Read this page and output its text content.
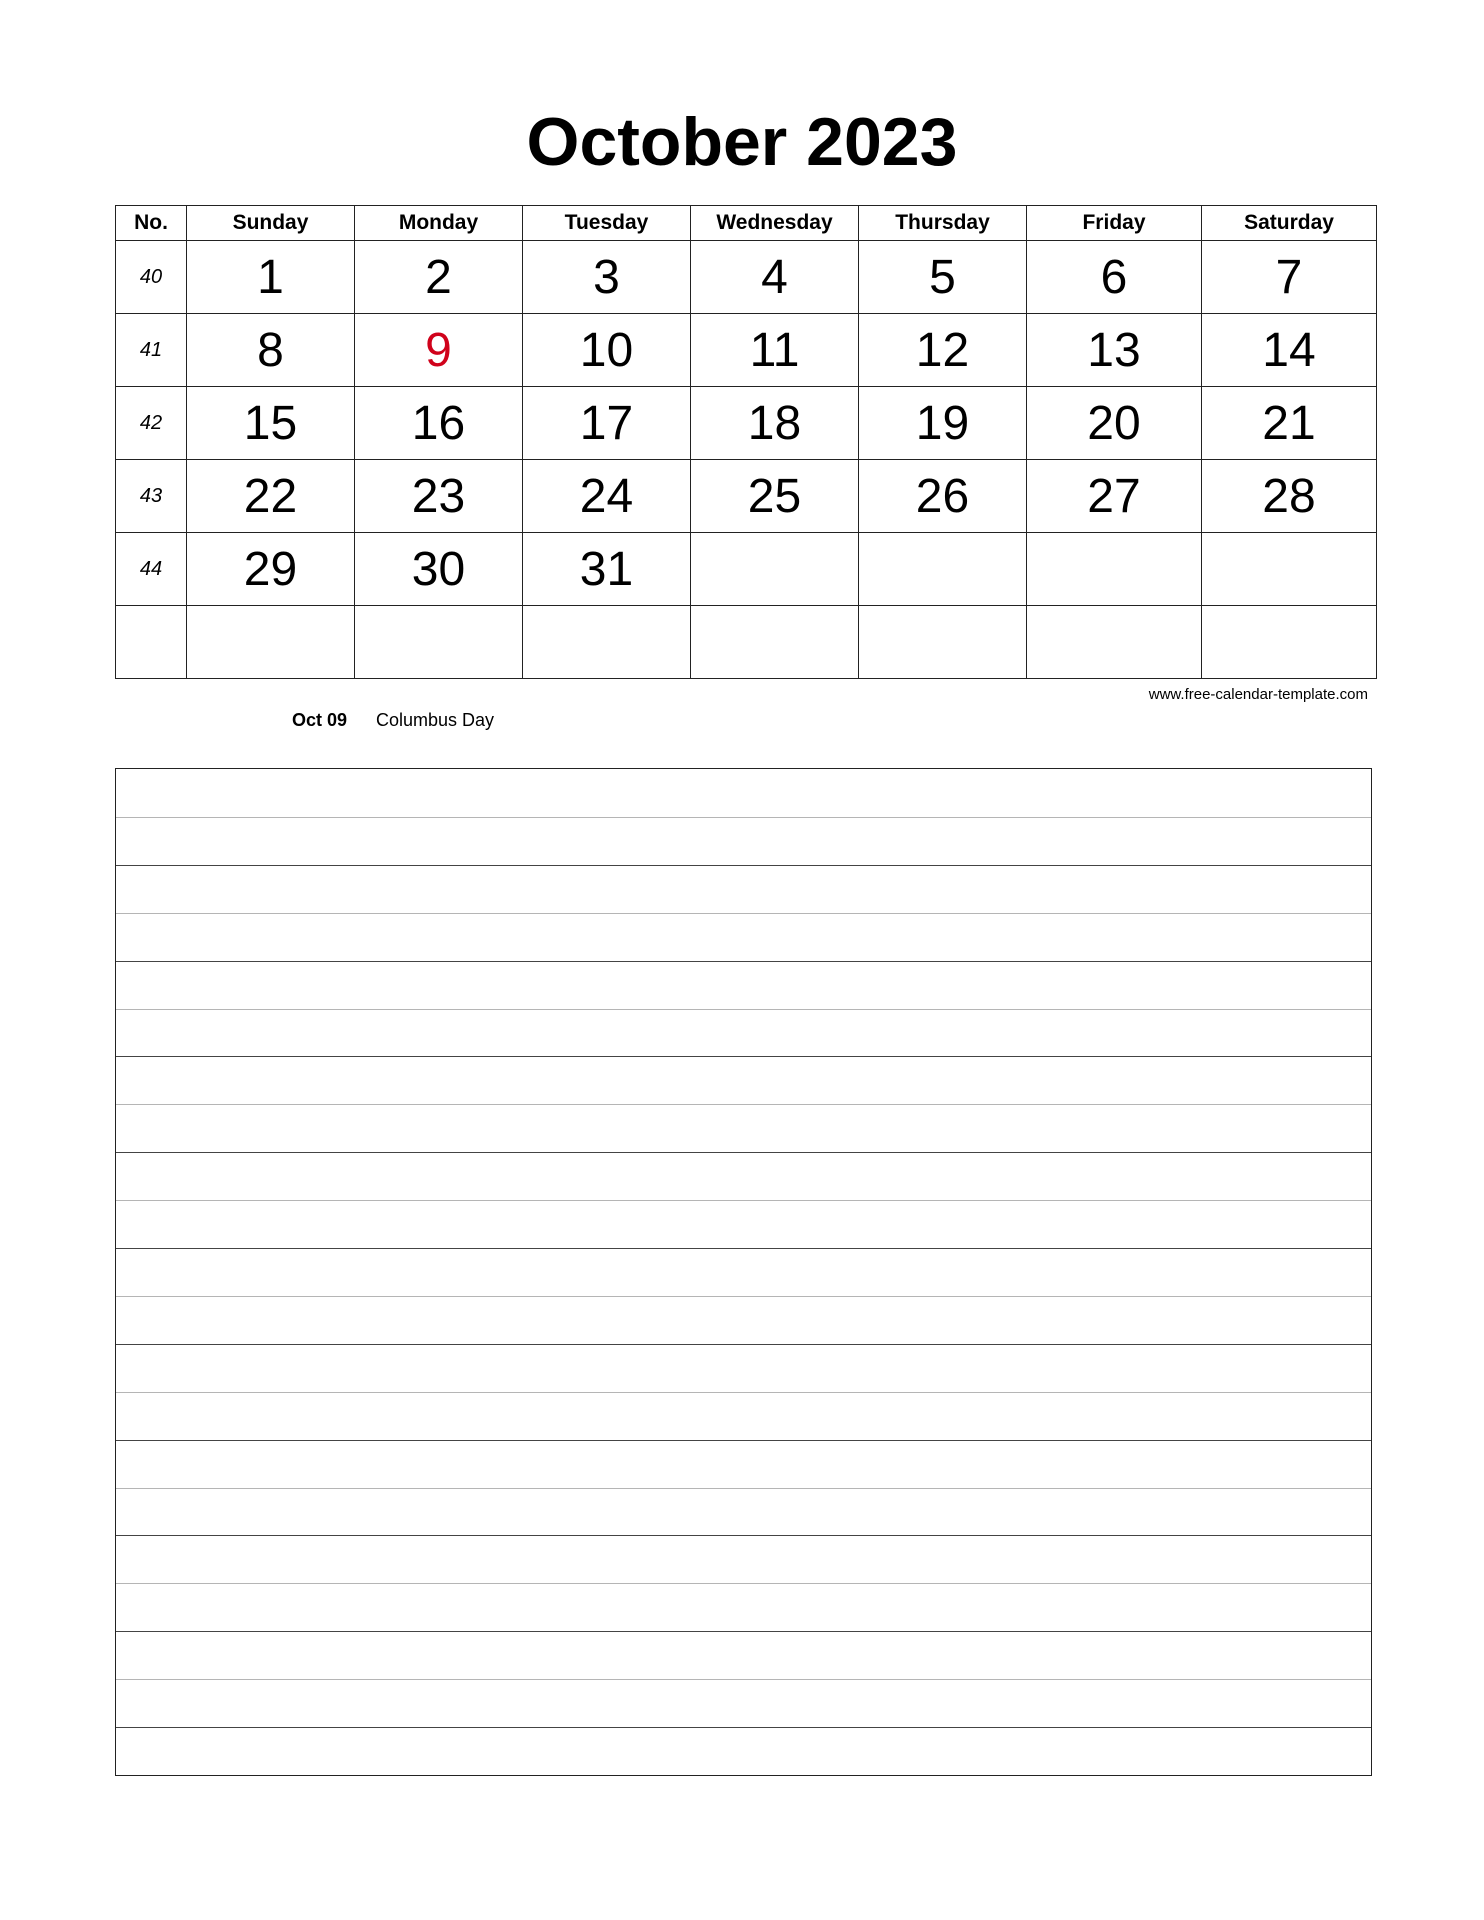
October 2023
No.	Sunday	Monday	Tuesday	Wednesday	Thursday	Friday	Saturday
40	1	2	3	4	5	6	7
41	8	9	10	11	12	13	14
42	15	16	17	18	19	20	21
43	22	23	24	25	26	27	28
44	29	30	31				

www.free-calendar-template.com
Oct 09 Columbus Day
